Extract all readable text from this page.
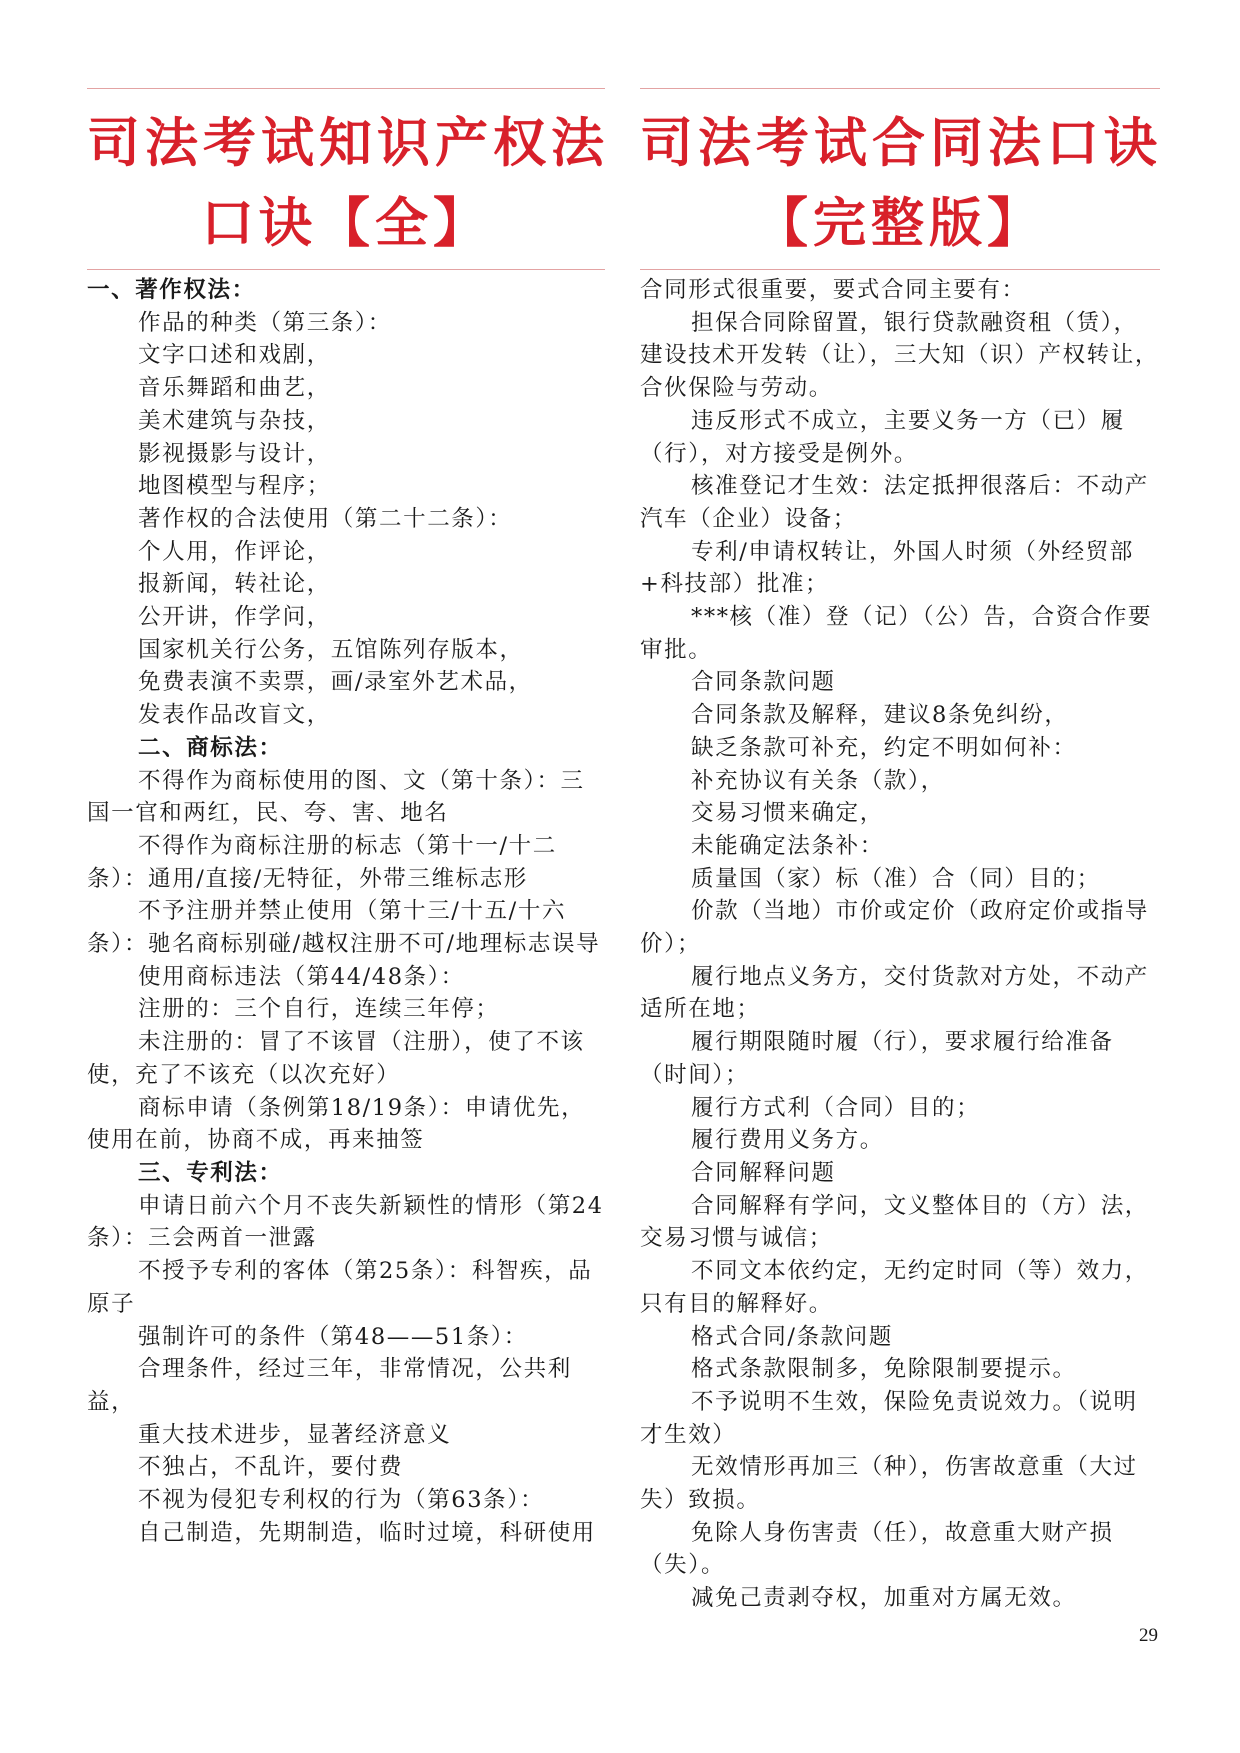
司法考试知识产权法
口诀【全】
一、著作权法：
作品的种类（第三条）：
文字口述和戏剧，
音乐舞蹈和曲艺，
美术建筑与杂技，
影视摄影与设计，
地图模型与程序；
著作权的合法使用（第二十二条）：
个人用，作评论，
报新闻，转社论，
公开讲，作学问，
国家机关行公务，五馆陈列存版本，
免费表演不卖票，画/录室外艺术品，
发表作品改盲文，
二、商标法：
不得作为商标使用的图、文（第十条）：三国一官和两红，民、夸、害、地名
不得作为商标注册的标志（第十一/十二条）：通用/直接/无特征，外带三维标志形
不予注册并禁止使用（第十三/十五/十六条）：驰名商标别碰/越权注册不可/地理标志误导
使用商标违法（第44/48条）：
注册的：三个自行，连续三年停；
未注册的：冒了不该冒（注册），使了不该使，充了不该充（以次充好）
商标申请（条例第18/19条）：申请优先，使用在前，协商不成，再来抽签
三、专利法：
申请日前六个月不丧失新颖性的情形（第24条）：三会两首一泄露
不授予专利的客体（第25条）：科智疾，品原子
强制许可的条件（第48——51条）：
合理条件，经过三年，非常情况，公共利益，
重大技术进步，显著经济意义
不独占，不乱许，要付费
不视为侵犯专利权的行为（第63条）：
自己制造，先期制造，临时过境，科研使用
司法考试合同法口诀
【完整版】
合同形式很重要，要式合同主要有：
担保合同除留置，银行贷款融资租（赁），建设技术开发转（让），三大知（识）产权转让，合伙保险与劳动。
违反形式不成立，主要义务一方（已）履（行），对方接受是例外。
核准登记才生效：法定抵押很落后：不动产汽车（企业）设备；
专利/申请权转让，外国人时须（外经贸部+科技部）批准；
***核（准）登（记）（公）告，合资合作要审批。
合同条款问题
合同条款及解释，建议8条免纠纷，
缺乏条款可补充，约定不明如何补：
补充协议有关条（款），
交易习惯来确定，
未能确定法条补：
质量国（家）标（准）合（同）目的；
价款（当地）市价或定价（政府定价或指导价）；
履行地点义务方，交付货款对方处，不动产适所在地；
履行期限随时履（行），要求履行给准备（时间）；
履行方式利（合同）目的；
履行费用义务方。
合同解释问题
合同解释有学问，文义整体目的（方）法，交易习惯与诚信；
不同文本依约定，无约定时同（等）效力，只有目的解释好。
格式合同/条款问题
格式条款限制多，免除限制要提示。
不予说明不生效，保险免责说效力。（说明才生效）
无效情形再加三（种），伤害故意重（大过失）致损。
免除人身伤害责（任），故意重大财产损（失）。
减免己责剥夺权，加重对方属无效。
29
